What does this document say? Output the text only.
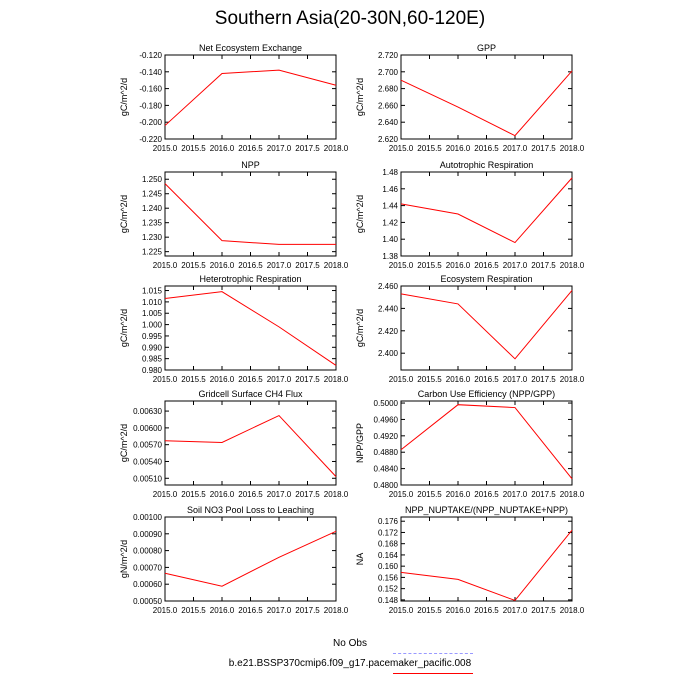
Southern Asia(20-30N,60-120E)
Net Ecosystem Exchange
2015.0 2015.5 2016.0 2016.5 2017.0 2017.5 2018.0
-0.220
-0.200
-0.180
-0.160
-0.140
-0.120
gC/m^2/d
GPP
2015.0 2015.5 2016.0 2016.5 2017.0 2017.5 2018.0
2.620
2.640
2.660
2.680
2.700
2.720
gC/m^2/d
NPP
2015.0 2015.5 2016.0 2016.5 2017.0 2017.5 2018.0
1.225
1.230
1.235
1.240
1.245
1.250
gC/m^2/d
Autotrophic Respiration
2015.0 2015.5 2016.0 2016.5 2017.0 2017.5 2018.0
1.38
1.40
1.42
1.44
1.46
1.48
gC/m^2/d
Heterotrophic Respiration
2015.0 2015.5 2016.0 2016.5 2017.0 2017.5 2018.0
0.980
0.985
0.990
0.995
1.000
1.005
1.010
1.015
gC/m^2/d
Ecosystem Respiration
2015.0 2015.5 2016.0 2016.5 2017.0 2017.5 2018.0
2.400
2.420
2.440
2.460
gC/m^2/d
Gridcell Surface CH4 Flux
2015.0 2015.5 2016.0 2016.5 2017.0 2017.5 2018.0
0.00510
0.00540
0.00570
0.00600
0.00630
gC/m^2/d
Carbon Use Efficiency (NPP/GPP)
2015.0 2015.5 2016.0 2016.5 2017.0 2017.5 2018.0
0.4800
0.4840
0.4880
0.4920
0.4960
0.5000
NPP/GPP
Soil NO3 Pool Loss to Leaching
2015.0 2015.5 2016.0 2016.5 2017.0 2017.5 2018.0
0.00050
0.00060
0.00070
0.00080
0.00090
0.00100
gN/m^2/d
NPP_NUPTAKE/(NPP_NUPTAKE+NPP)
2015.0 2015.5 2016.0 2016.5 2017.0 2017.5 2018.0
0.148
0.152
0.156
0.160
0.164
0.168
0.172
0.176
NA
No Obs
b.e21.BSSP370cmip6.f09_g17.pacemaker_pacific.008
